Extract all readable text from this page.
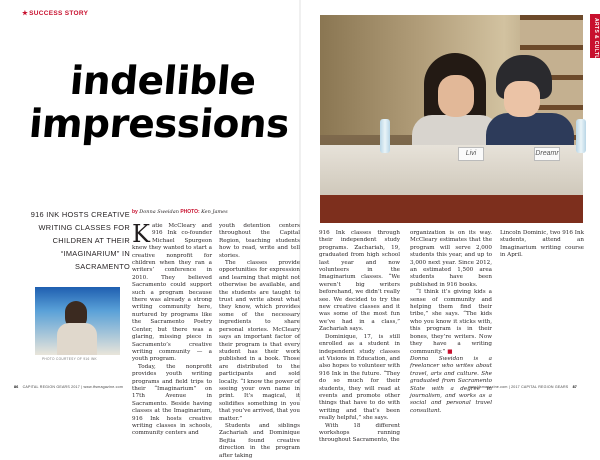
★SUCCESS STORY
indelible
impressions
Livi	Dreamr
ARTS & CULTURE
916 INK HOSTS CREATIVE
WRITING CLASSES FOR
CHILDREN AT THEIR
“IMAGINARIUM” IN
SACRAMENTO
by Donna Sweidan PHOTO: Ken James
PHOTO COURTESY OF 916 INK
K atie McCleary and 916 Ink co-founder Michael Spurgeon knew they wanted to start a creative nonprofit for children when they ran a writers’ conference in 2010. They believed Sacramento could support such a program because there was already a strong writing community here, nurtured by programs like the Sacramento Poetry Center, but there was a glaring, missing piece in Sacramento’s creative writing community — a youth program.

Today, the nonprofit provides youth writing programs and field trips to their “Imaginarium” on 17th Avenue in Sacramento. Beside having classes at the Imaginarium, 916 Ink hosts creative writing classes in schools, community centers and

youth detention centers throughout the Capital Region, teaching students how to read, write and tell stories.

The classes provide opportunities for expression and learning that might not otherwise be available, and the students are taught to trust and write about what they know, which provides some of the necessary ingredients to share personal stories. McCleary says an important factor of their program is that every student has their work published in a book. Those are distributed to the participants and sold locally. “I know the power of seeing your own name in print. It’s magical, it solidifies something in you that you’ve arrived, that you matter.”

Students and siblings Zachariah and Dominique Bejtia found creative direction in the program after taking

916 Ink classes through their independent study programs. Zachariah, 19, graduated from high school last year and now volunteers in the Imaginarium classes. “We weren’t big writers beforehand, we didn’t really see. We decided to try the new creative classes and it was some of the most fun we’ve had in a class,” Zachariah says.

Dominique, 17, is still enrolled as a student in independent study classes at Visions in Education, and also hopes to volunteer with 916 Ink in the future. “They do so much for their students, they will read at events and promote other things that have to do with writing and that’s been really helpful,” she says.

With 18 different workshops running throughout Sacramento, the

organization is on its way. McCleary estimates that the program will serve 2,000 students this year, and up to 3,000 next year. Since 2012, an estimated 1,500 area students have been published in 916 books.

“I think it’s giving kids a sense of community and helping them find their tribe,” she says. “The kids who you know it sticks with, this program is in their bones, they’re writers. Now they have a writing community.” ■

Donna Sweidan is a freelancer who writes about travel, arts and culture. She graduated from Sacramento State with a degree in journalism, and works as a social and personal travel consultant.

Lincoln Dominic, two 916 Ink students, attend an Imaginarium writing course in April.

86 CAPITAL REGION GEARS 2017 | www.tfsmagazine.com	www.tfsmagazine.com | 2017 CAPITAL REGION GEARS 87
